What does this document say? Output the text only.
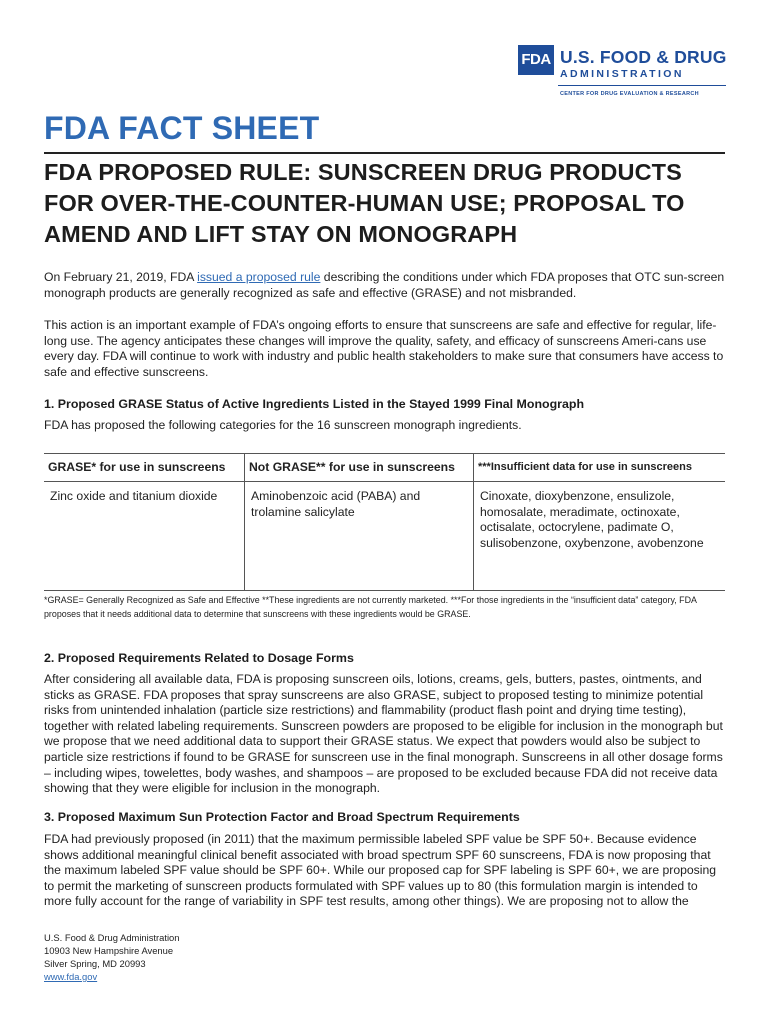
FDA U.S. FOOD & DRUG
ADMINISTRATION
CENTER FOR DRUG EVALUATION & RESEARCH
FDA FACT SHEET
FDA PROPOSED RULE: SUNSCREEN DRUG PRODUCTS FOR OVER-THE-COUNTER-HUMAN USE; PROPOSAL TO AMEND AND LIFT STAY ON MONOGRAPH

On February 21, 2019, FDA issued a proposed rule describing the conditions under which FDA proposes that OTC sun-screen monograph products are generally recognized as safe and effective (GRASE) and not misbranded.

This action is an important example of FDA’s ongoing efforts to ensure that sunscreens are safe and effective for regular, life-long use. The agency anticipates these changes will improve the quality, safety, and efficacy of sunscreens Ameri-cans use every day. FDA will continue to work with industry and public health stakeholders to make sure that consumers have access to safe and effective sunscreens.

1. Proposed GRASE Status of Active Ingredients Listed in the Stayed 1999 Final Monograph

FDA has proposed the following categories for the 16 sunscreen monograph ingredients.

GRASE* for use in sunscreens	Not GRASE** for use in sunscreens	***Insufficient data for use in sunscreens
Zinc oxide and titanium dioxide	Aminobenzoic acid (PABA) and trolamine salicylate	Cinoxate, dioxybenzone, ensulizole, homosalate, meradimate, octinoxate, octisalate, octocrylene, padimate O, sulisobenzone, oxybenzone, avobenzone

*GRASE= Generally Recognized as Safe and Effective **These ingredients are not currently marketed. ***For those ingredients in the “insufficient data” category, FDA proposes that it needs additional data to determine that sunscreens with these ingredients would be GRASE.

2. Proposed Requirements Related to Dosage Forms

After considering all available data, FDA is proposing sunscreen oils, lotions, creams, gels, butters, pastes, ointments, and sticks as GRASE. FDA proposes that spray sunscreens are also GRASE, subject to proposed testing to minimize potential risks from unintended inhalation (particle size restrictions) and flammability (product flash point and drying time testing), together with related labeling requirements. Sunscreen powders are proposed to be eligible for inclusion in the monograph but we propose that we need additional data to support their GRASE status. We expect that powders would also be subject to particle size restrictions if found to be GRASE for sunscreen use in the final monograph. Sunscreens in all other dosage forms – including wipes, towelettes, body washes, and shampoos – are proposed to be excluded because FDA did not receive data showing that they were eligible for inclusion in the monograph.

3. Proposed Maximum Sun Protection Factor and Broad Spectrum Requirements

FDA had previously proposed (in 2011) that the maximum permissible labeled SPF value be SPF 50+. Because evidence shows additional meaningful clinical benefit associated with broad spectrum SPF 60 sunscreens, FDA is now proposing that the maximum labeled SPF value should be SPF 60+. While our proposed cap for SPF labeling is SPF 60+, we are proposing to permit the marketing of sunscreen products formulated with SPF values up to 80 (this formulation margin is intended to more fully account for the range of variability in SPF test results, among other things). We are proposing not to allow the

U.S. Food & Drug Administration
10903 New Hampshire Avenue
Silver Spring, MD 20993
www.fda.gov
